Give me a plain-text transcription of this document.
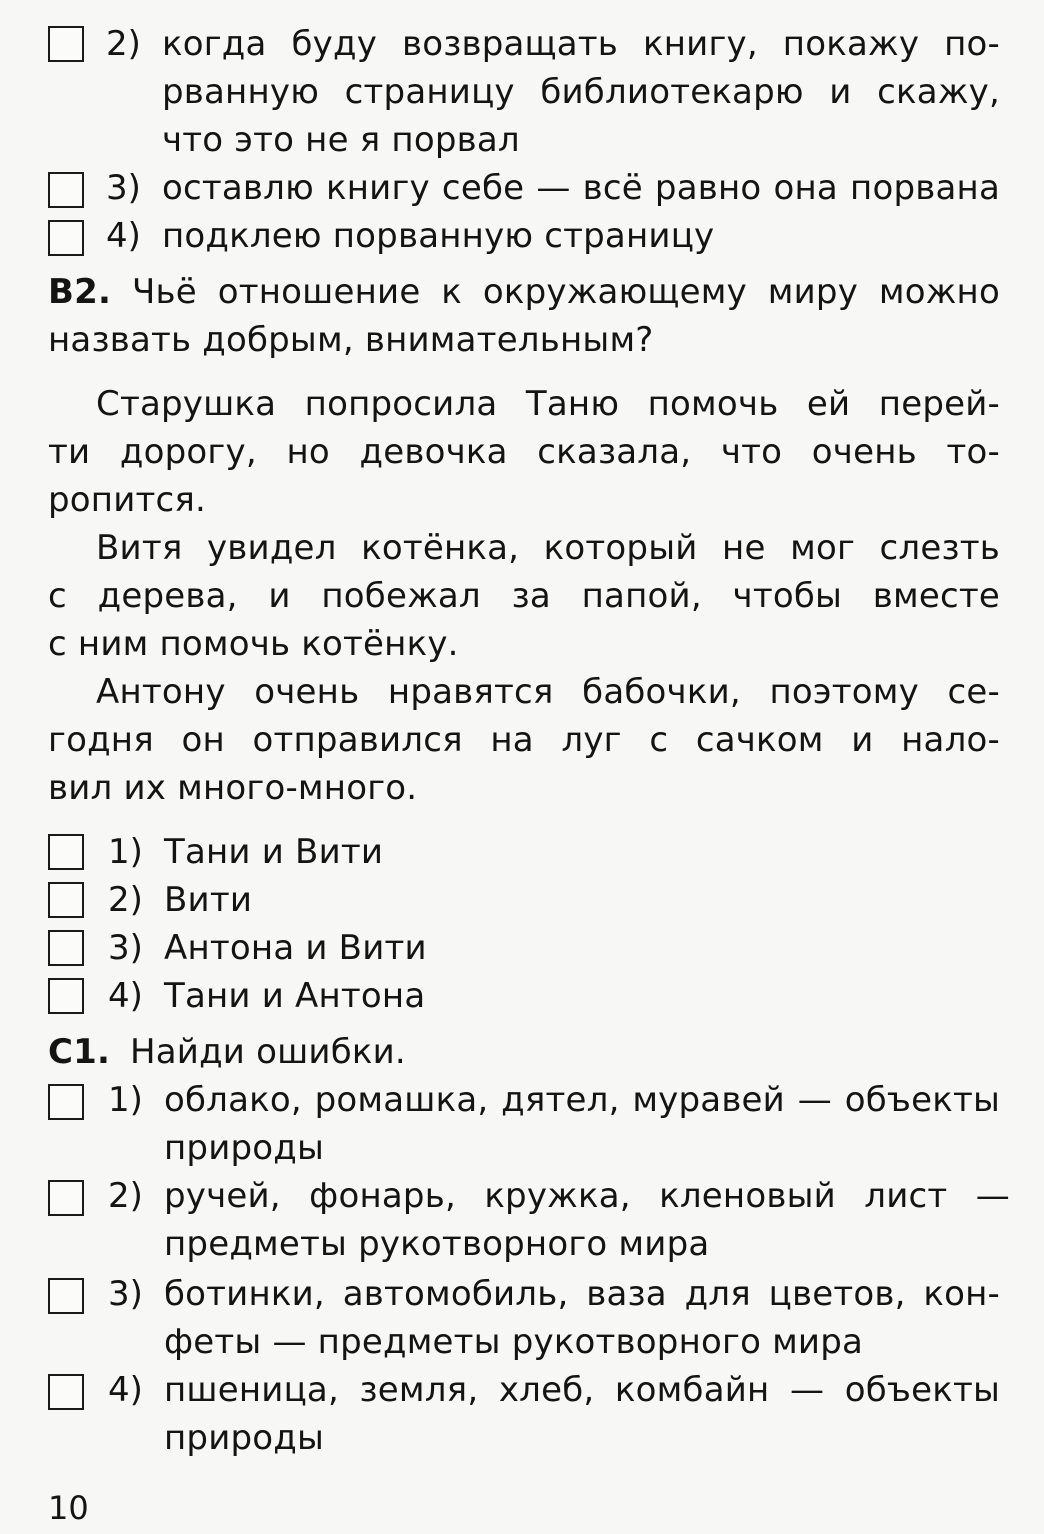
2) когда буду возвращать книгу, покажу по-
рванную страницу библиотекарю и скажу,
что это не я порвал
3) оставлю книгу себе — всё равно она порвана
4) подклею порванную страницу
B2. Чьё отношение к окружающему миру можно
назвать добрым, внимательным?
Старушка попросила Таню помочь ей перей-
ти дорогу, но девочка сказала, что очень то-
ропится.
Витя увидел котёнка, который не мог слезть
с дерева, и побежал за папой, чтобы вместе
с ним помочь котёнку.
Антону очень нравятся бабочки, поэтому се-
годня он отправился на луг с сачком и нало-
вил их много-много.
1) Тани и Вити
2) Вити
3) Антона и Вити
4) Тани и Антона
С1. Найди ошибки.
1) облако, ромашка, дятел, муравей — объекты
природы
2) ручей, фонарь, кружка, кленовый лист —
предметы рукотворного мира
3) ботинки, автомобиль, ваза для цветов, кон-
феты — предметы рукотворного мира
4) пшеница, земля, хлеб, комбайн — объекты
природы
10
